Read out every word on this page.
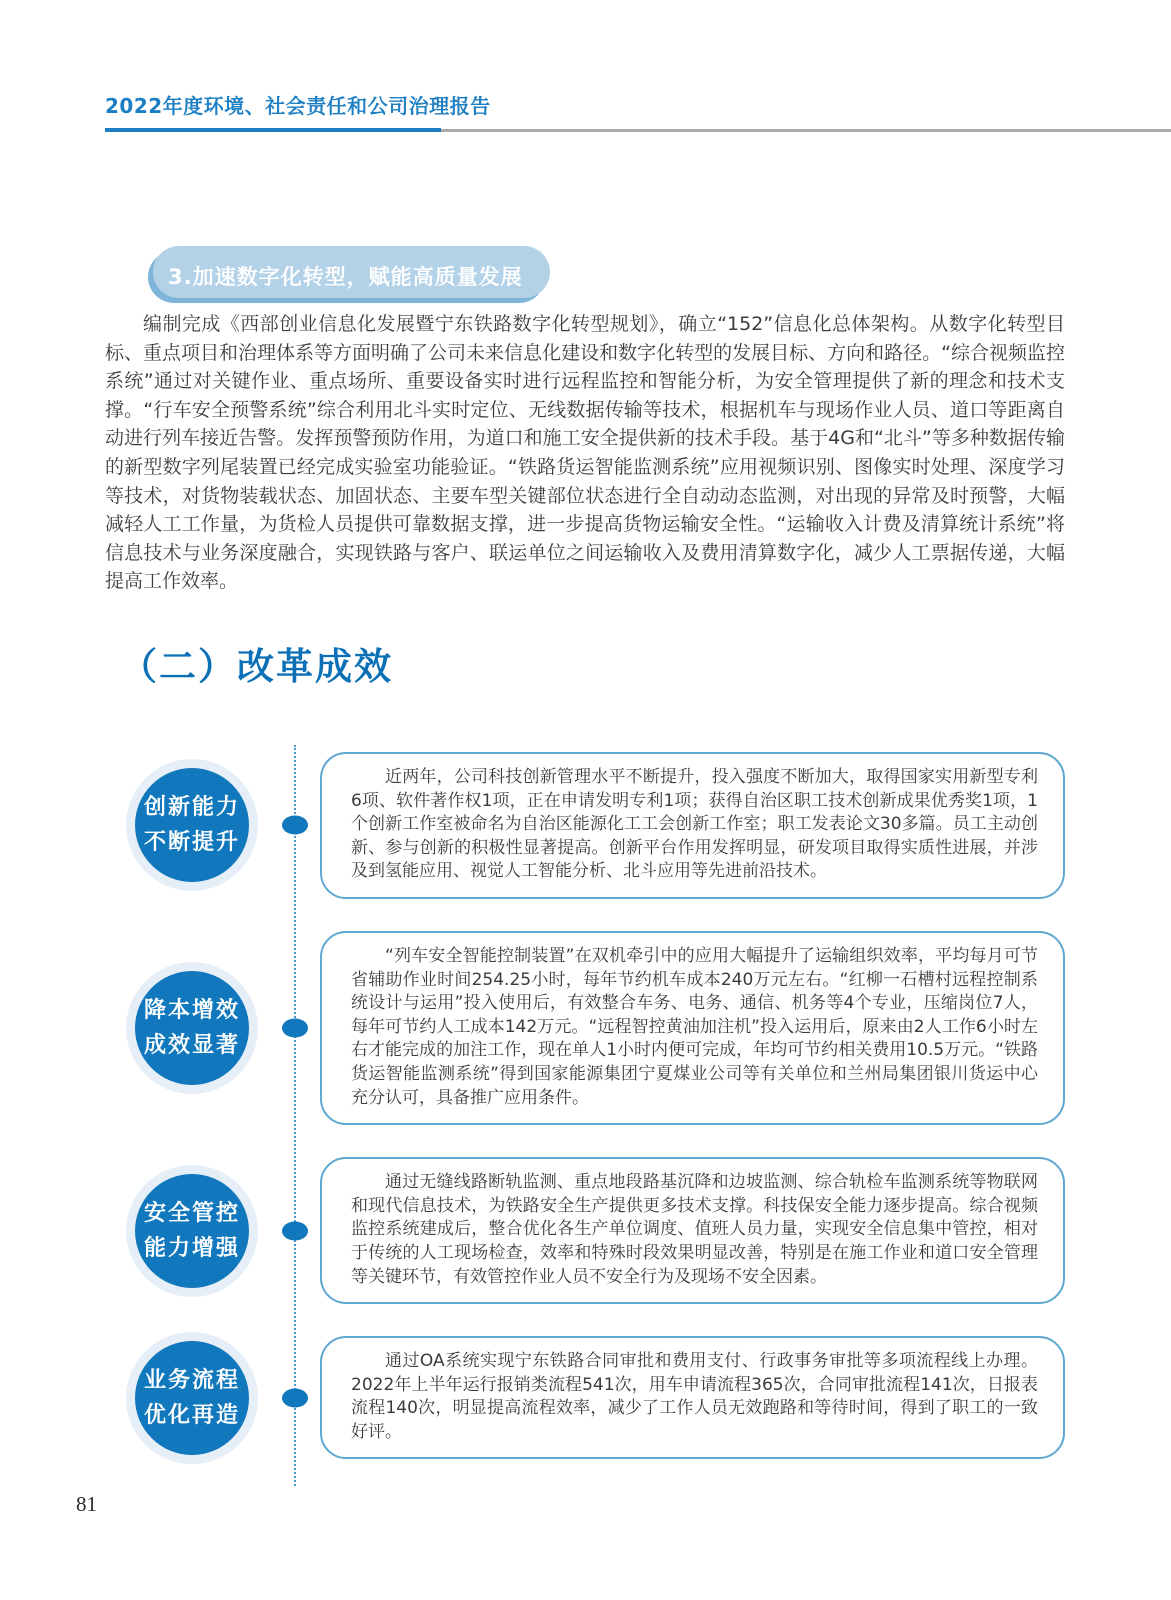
2022年度环境、社会责任和公司治理报告
3.加速数字化转型，赋能高质量发展

编制完成《西部创业信息化发展暨宁东铁路数字化转型规划》，确立“152”信息化总体架构。从数字化转型目标、重点项目和治理体系等方面明确了公司未来信息化建设和数字化转型的发展目标、方向和路径。“综合视频监控系统”通过对关键作业、重点场所、重要设备实时进行远程监控和智能分析，为安全管理提供了新的理念和技术支撑。“行车安全预警系统”综合利用北斗实时定位、无线数据传输等技术，根据机车与现场作业人员、道口等距离自动进行列车接近告警。发挥预警预防作用，为道口和施工安全提供新的技术手段。基于4G和“北斗”等多种数据传输的新型数字列尾装置已经完成实验室功能验证。“铁路货运智能监测系统”应用视频识别、图像实时处理、深度学习等技术，对货物装载状态、加固状态、主要车型关键部位状态进行全自动动态监测，对出现的异常及时预警，大幅减轻人工工作量，为货检人员提供可靠数据支撑，进一步提高货物运输安全性。“运输收入计费及清算统计系统”将信息技术与业务深度融合，实现铁路与客户、联运单位之间运输收入及费用清算数字化，减少人工票据传递，大幅提高工作效率。

（二）改革成效
创新能力
不断提升
近两年，公司科技创新管理水平不断提升，投入强度不断加大，取得国家实用新型专利6项、软件著作权1项，正在申请发明专利1项；获得自治区职工技术创新成果优秀奖1项，1个创新工作室被命名为自治区能源化工工会创新工作室；职工发表论文30多篇。员工主动创新、参与创新的积极性显著提高。创新平台作用发挥明显，研发项目取得实质性进展，并涉及到氢能应用、视觉人工智能分析、北斗应用等先进前沿技术。
降本增效
成效显著
“列车安全智能控制装置”在双机牵引中的应用大幅提升了运输组织效率，平均每月可节省辅助作业时间254.25小时，每年节约机车成本240万元左右。“红柳一石槽村远程控制系统设计与运用”投入使用后，有效整合车务、电务、通信、机务等4个专业，压缩岗位7人，每年可节约人工成本142万元。“远程智控黄油加注机”投入运用后，原来由2人工作6小时左右才能完成的加注工作，现在单人1小时内便可完成，年均可节约相关费用10.5万元。“铁路货运智能监测系统”得到国家能源集团宁夏煤业公司等有关单位和兰州局集团银川货运中心充分认可，具备推广应用条件。
安全管控
能力增强
通过无缝线路断轨监测、重点地段路基沉降和边坡监测、综合轨检车监测系统等物联网和现代信息技术，为铁路安全生产提供更多技术支撑。科技保安全能力逐步提高。综合视频监控系统建成后，整合优化各生产单位调度、值班人员力量，实现安全信息集中管控，相对于传统的人工现场检查，效率和特殊时段效果明显改善，特别是在施工作业和道口安全管理等关键环节，有效管控作业人员不安全行为及现场不安全因素。
业务流程
优化再造
通过OA系统实现宁东铁路合同审批和费用支付、行政事务审批等多项流程线上办理。2022年上半年运行报销类流程541次，用车申请流程365次，合同审批流程141次，日报表流程140次，明显提高流程效率，减少了工作人员无效跑路和等待时间，得到了职工的一致好评。
81
